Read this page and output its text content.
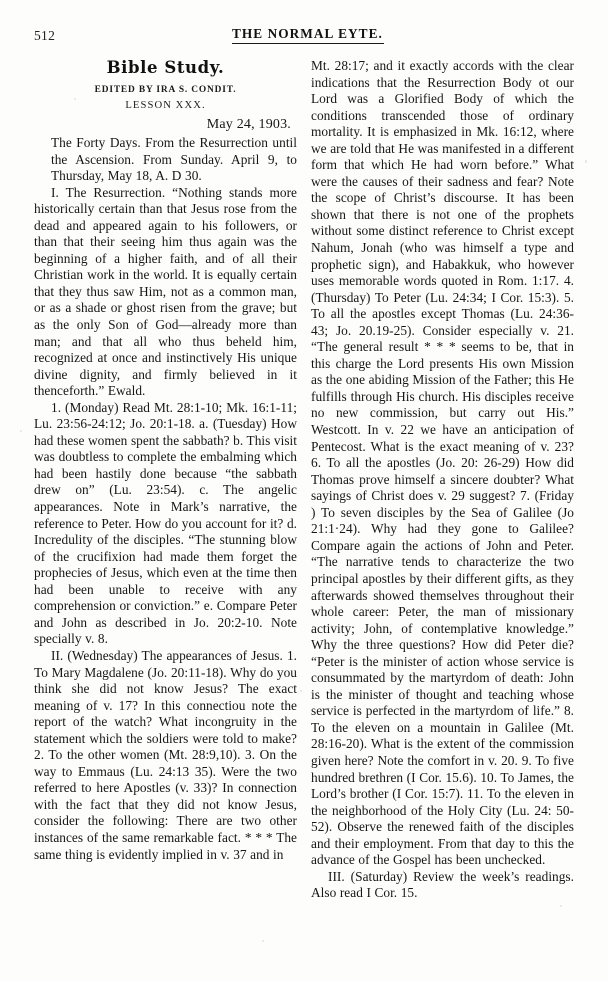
512	THE NORMAL EYTE.
Bible Study.
EDITED BY IRA S. CONDIT.
LESSON XXX.
May 24, 1903.

The Forty Days. From the Resurrection until the Ascension. From Sunday. April 9, to Thursday, May 18, A. D 30.

I. The Resurrection. “Nothing stands more historically certain than that Jesus rose from the dead and appeared again to his followers, or than that their seeing him thus again was the beginning of a higher faith, and of all their Christian work in the world. It is equally certain that they thus saw Him, not as a common man, or as a shade or ghost risen from the grave; but as the only Son of God—already more than man; and that all who thus beheld him, recognized at once and instinctively His unique divine dignity, and firmly believed in it thenceforth.” Ewald.

1. (Monday) Read Mt. 28:1-10; Mk. 16:1-11; Lu. 23:56-24:12; Jo. 20:1-18. a. (Tuesday) How had these women spent the sabbath? b. This visit was doubtless to complete the embalming which had been hastily done because “the sabbath drew on” (Lu. 23:54). c. The angelic appearances. Note in Mark’s narrative, the reference to Peter. How do you account for it? d. Incredulity of the disciples. “The stunning blow of the crucifixion had made them forget the prophecies of Jesus, which even at the time then had been unable to receive with any comprehension or conviction.” e. Compare Peter and John as described in Jo. 20:2-10. Note specially v. 8.

II. (Wednesday) The appearances of Jesus. 1. To Mary Magdalene (Jo. 20:11-18). Why do you think she did not know Jesus? The exact meaning of v. 17? In this connectiou note the report of the watch? What incongruity in the statement which the soldiers were told to make? 2. To the other women (Mt. 28:9,10). 3. On the way to Emmaus (Lu. 24:13 35). Were the two referred to here Apostles (v. 33)? In connection with the fact that they did not know Jesus, consider the following: There are two other instances of the same remarkable fact. * * * The same thing is evidently implied in v. 37 and in

Mt. 28:17; and it exactly accords with the clear indications that the Resurrection Body ot our Lord was a Glorified Body of which the conditions transcended those of ordinary mortality. It is emphasized in Mk. 16:12, where we are told that He was manifested in a different form that which He had worn before.” What were the causes of their sadness and fear? Note the scope of Christ’s discourse. It has been shown that there is not one of the prophets without some distinct reference to Christ except Nahum, Jonah (who was himself a type and prophetic sign), and Habakkuk, who however uses memorable words quoted in Rom. 1:17. 4. (Thursday) To Peter (Lu. 24:34; I Cor. 15:3). 5. To all the apostles except Thomas (Lu. 24:36-43; Jo. 20.19-25). Consider especially v. 21. “The general result * * * seems to be, that in this charge the Lord presents His own Mission as the one abiding Mission of the Father; this He fulfills through His church. His disciples receive no new commission, but carry out His.” Westcott. In v. 22 we have an anticipation of Pentecost. What is the exact meaning of v. 23? 6. To all the apostles (Jo. 20: 26-29) How did Thomas prove himself a sincere doubter? What sayings of Christ does v. 29 suggest? 7. (Friday ) To seven disciples by the Sea of Galilee (Jo 21:1·24). Why had they gone to Galilee? Compare again the actions of John and Peter. “The narrative tends to characterize the two principal apostles by their different gifts, as they afterwards showed themselves throughout their whole career: Peter, the man of missionary activity; John, of contemplative knowledge.” Why the three questions? How did Peter die? “Peter is the minister of action whose service is consummated by the martyrdom of death: John is the minister of thought and teaching whose service is perfected in the martyrdom of life.” 8. To the eleven on a mountain in Galilee (Mt. 28:16-20). What is the extent of the commission given here? Note the comfort in v. 20. 9. To five hundred brethren (I Cor. 15.6). 10. To James, the Lord’s brother (I Cor. 15:7). 11. To the eleven in the neighborhood of the Holy City (Lu. 24: 50-52). Observe the renewed faith of the disciples and their employment. From that day to this the advance of the Gospel has been unchecked.

III. (Saturday) Review the week’s readings. Also read I Cor. 15.
